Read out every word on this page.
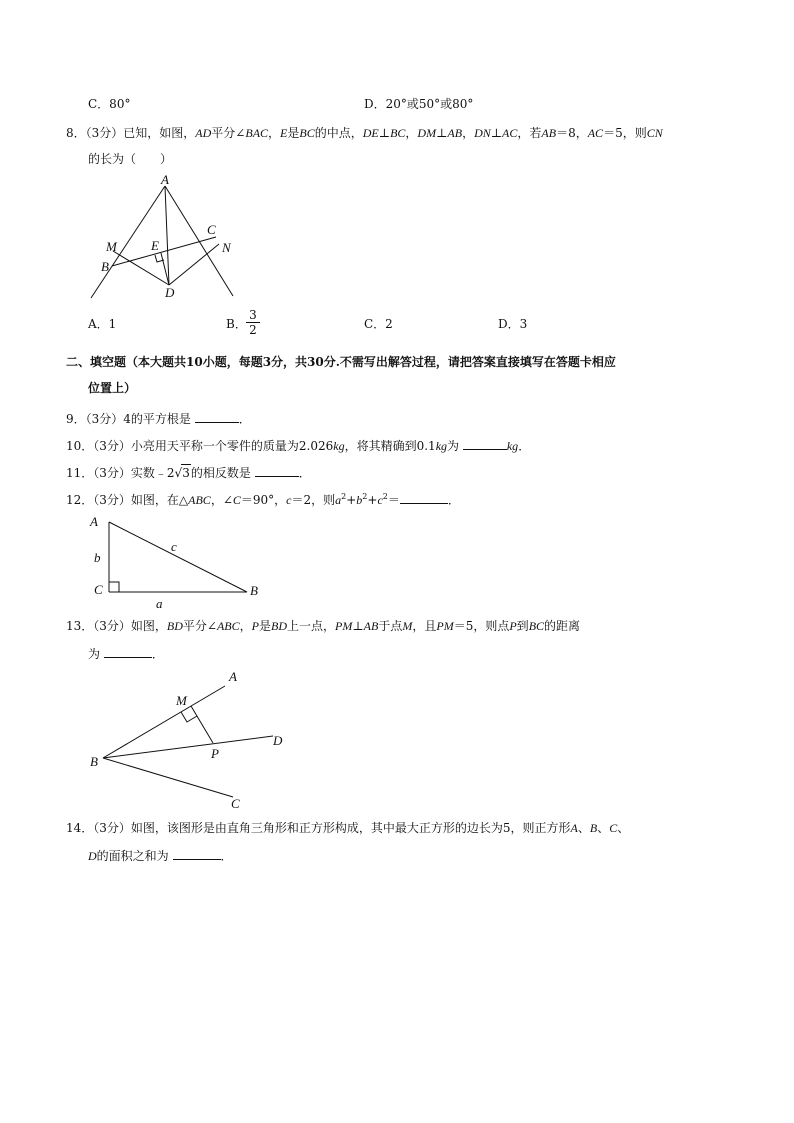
C．80°	D．20°或50°或80°
8．（3分）已知，如图，AD平分∠BAC，E是BC的中点，DE⊥BC，DM⊥AB，DN⊥AC，若AB＝8，AC＝5，则CN
的长为（　　）
A
M	E
C
N
B
D
A．1	B．
3
2	C．2	D．3
二、填空题（本大题共10小题，每题3分，共30分.不需写出解答过程，请把答案直接填写在答题卡相应
位置上）
9．（3分）4的平方根是	．
10．（3分）小亮用天平称一个零件的质量为2.026kg，将其精确到0.1kg为	kg．
11．（3分）实数﹣2√3的相反数是	．
12．（3分）如图，在△ABC，∠C＝90°，c＝2，则$a^2+b^2+c^2=$	．
A
b
c
C	B
a
13．（3分）如图，BD平分∠ABC，P是BD上一点，PM⊥AB于点M，且PM＝5，则点P到BC的距离
为	．
A
M
D
P
B
C
14．（3分）如图，该图形是由直角三角形和正方形构成，其中最大正方形的边长为5，则正方形A、B、C、
D的面积之和为	．
